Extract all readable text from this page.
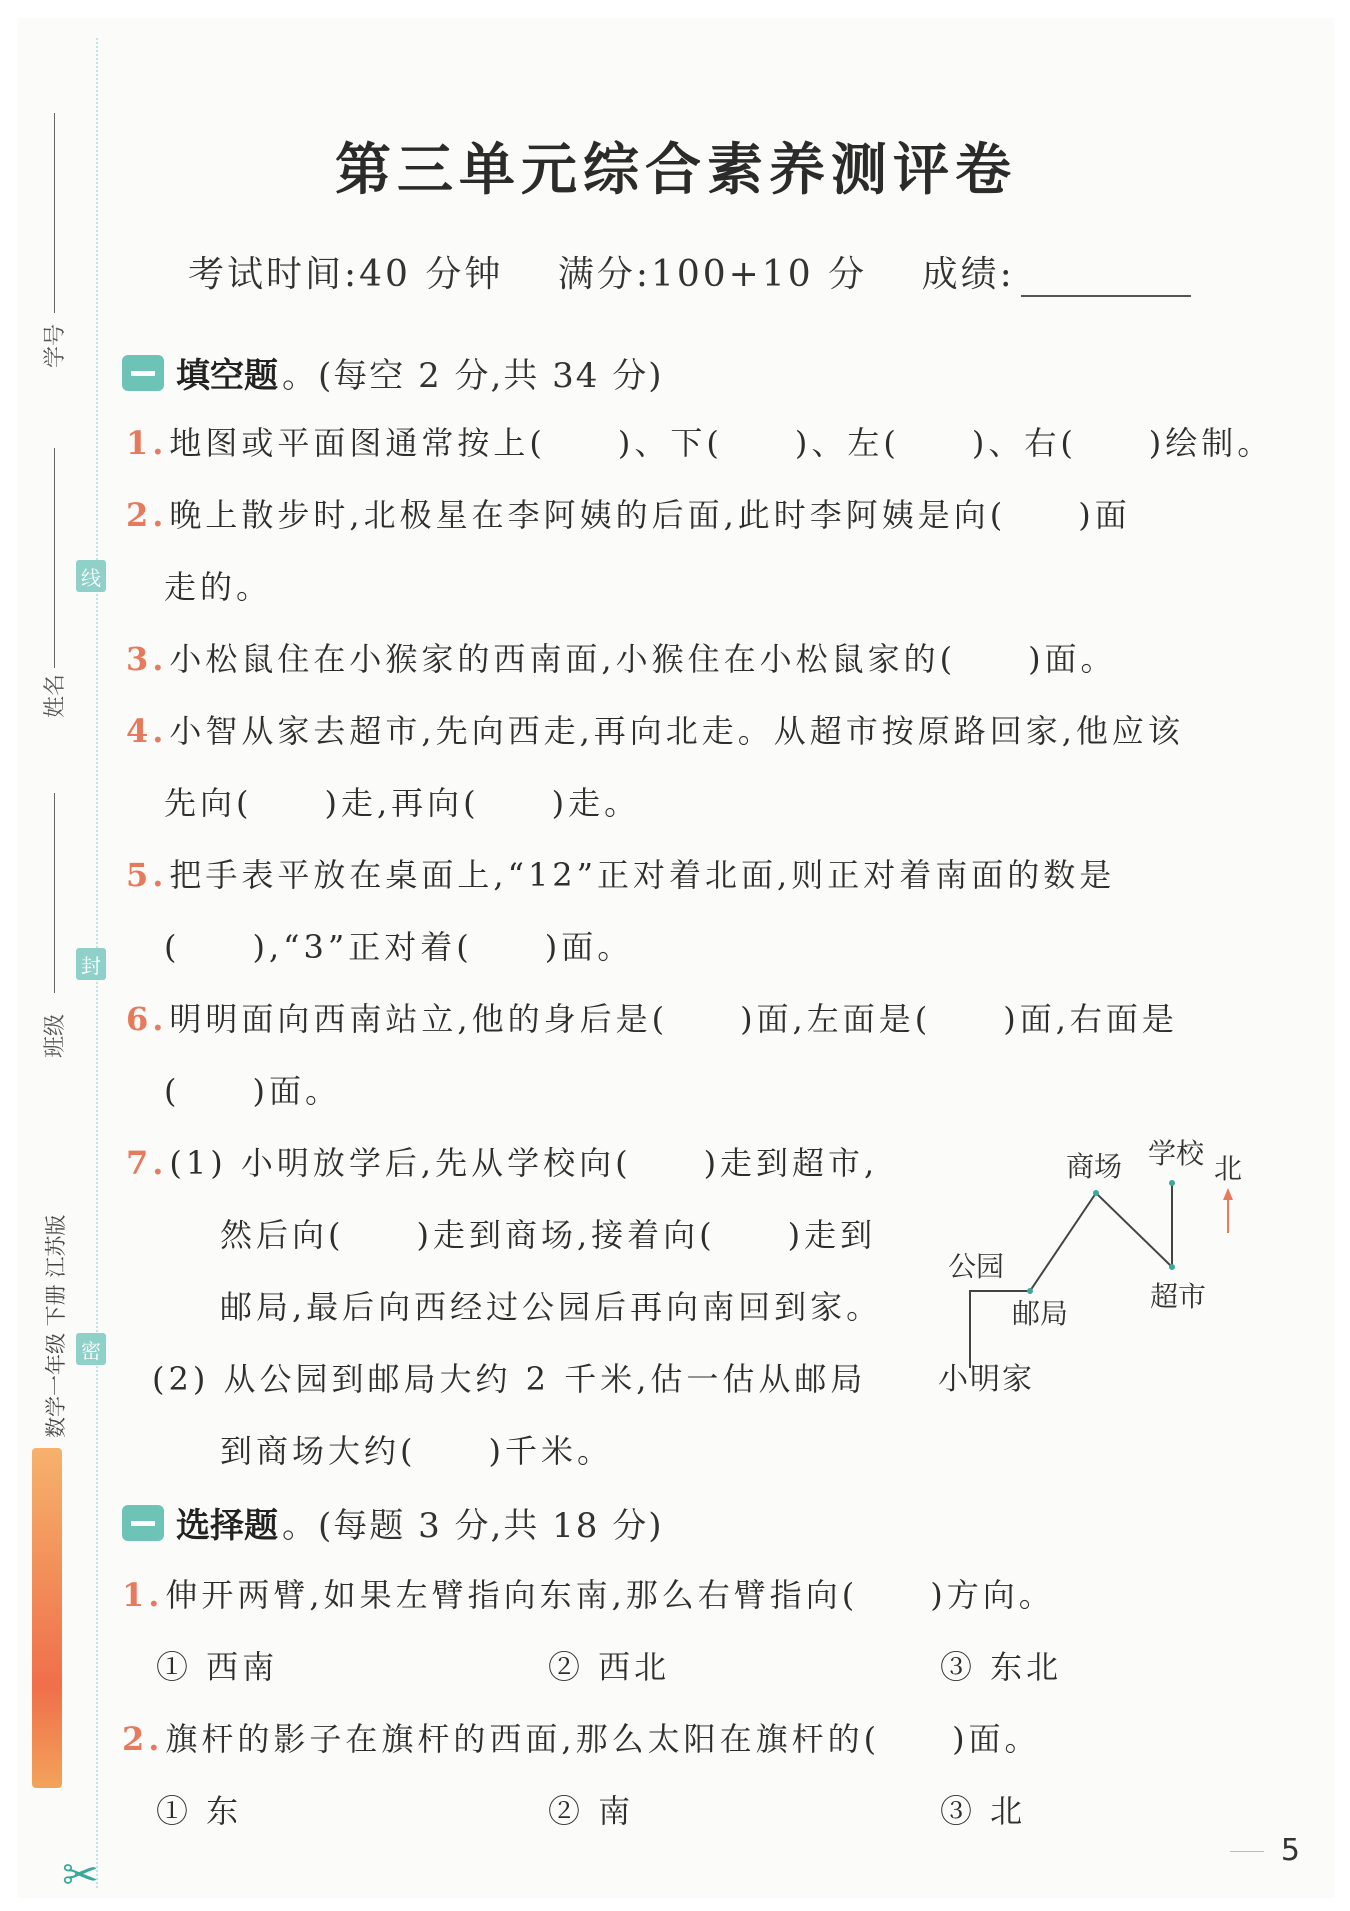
学号
线
姓名
封
班级
密
数学一年级 下册 江苏版
✂
第三单元综合素养测评卷
考试时间:40 分钟 满分:100+10 分 成绩:
填空题 。(每空 2 分,共 34 分)
1.地图或平面图通常按上(　　)、下(　　)、左(　　)、右(　　)绘制。
2.晚上散步时,北极星在李阿姨的后面,此时李阿姨是向(　　)面
走的。
3.小松鼠住在小猴家的西南面,小猴住在小松鼠家的(　　)面。
4.小智从家去超市,先向西走,再向北走。从超市按原路回家,他应该
先向(　　)走,再向(　　)走。
5.把手表平放在桌面上,“12”正对着北面,则正对着南面的数是
(　　),“3”正对着(　　)面。
6.明明面向西南站立,他的身后是(　　)面,左面是(　　)面,右面是
(　　)面。
7.(1) 小明放学后,先从学校向(　　)走到超市,
然后向(　　)走到商场,接着向(　　)走到
邮局,最后向西经过公园后再向南回到家。
(2) 从公园到邮局大约 2 千米,估一估从邮局
到商场大约(　　)千米。
商场 学校 北
公园
邮局
超市
小明家
选择题 。(每题 3 分,共 18 分)
1.伸开两臂,如果左臂指向东南,那么右臂指向(　　)方向。
① 西南	② 西北	③ 东北
2.旗杆的影子在旗杆的西面,那么太阳在旗杆的(　　)面。
① 东	② 南	③ 北
5
